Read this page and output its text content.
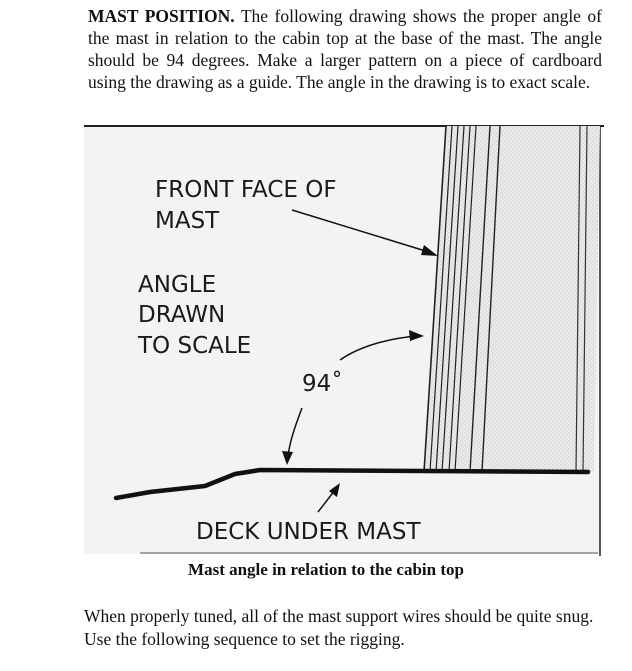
MAST POSITION. The following drawing shows the proper angle of the mast in relation to the cabin top at the base of the mast. The angle should be 94 degrees. Make a larger pattern on a piece of cardboard using the drawing as a guide. The angle in the drawing is to exact scale.

FRONT FACE OF
MAST
ANGLE
DRAWN
TO SCALE
94˚
DECK UNDER MAST

Mast angle in relation to the cabin top

When properly tuned, all of the mast support wires should be quite snug. Use the following sequence to set the rigging.
